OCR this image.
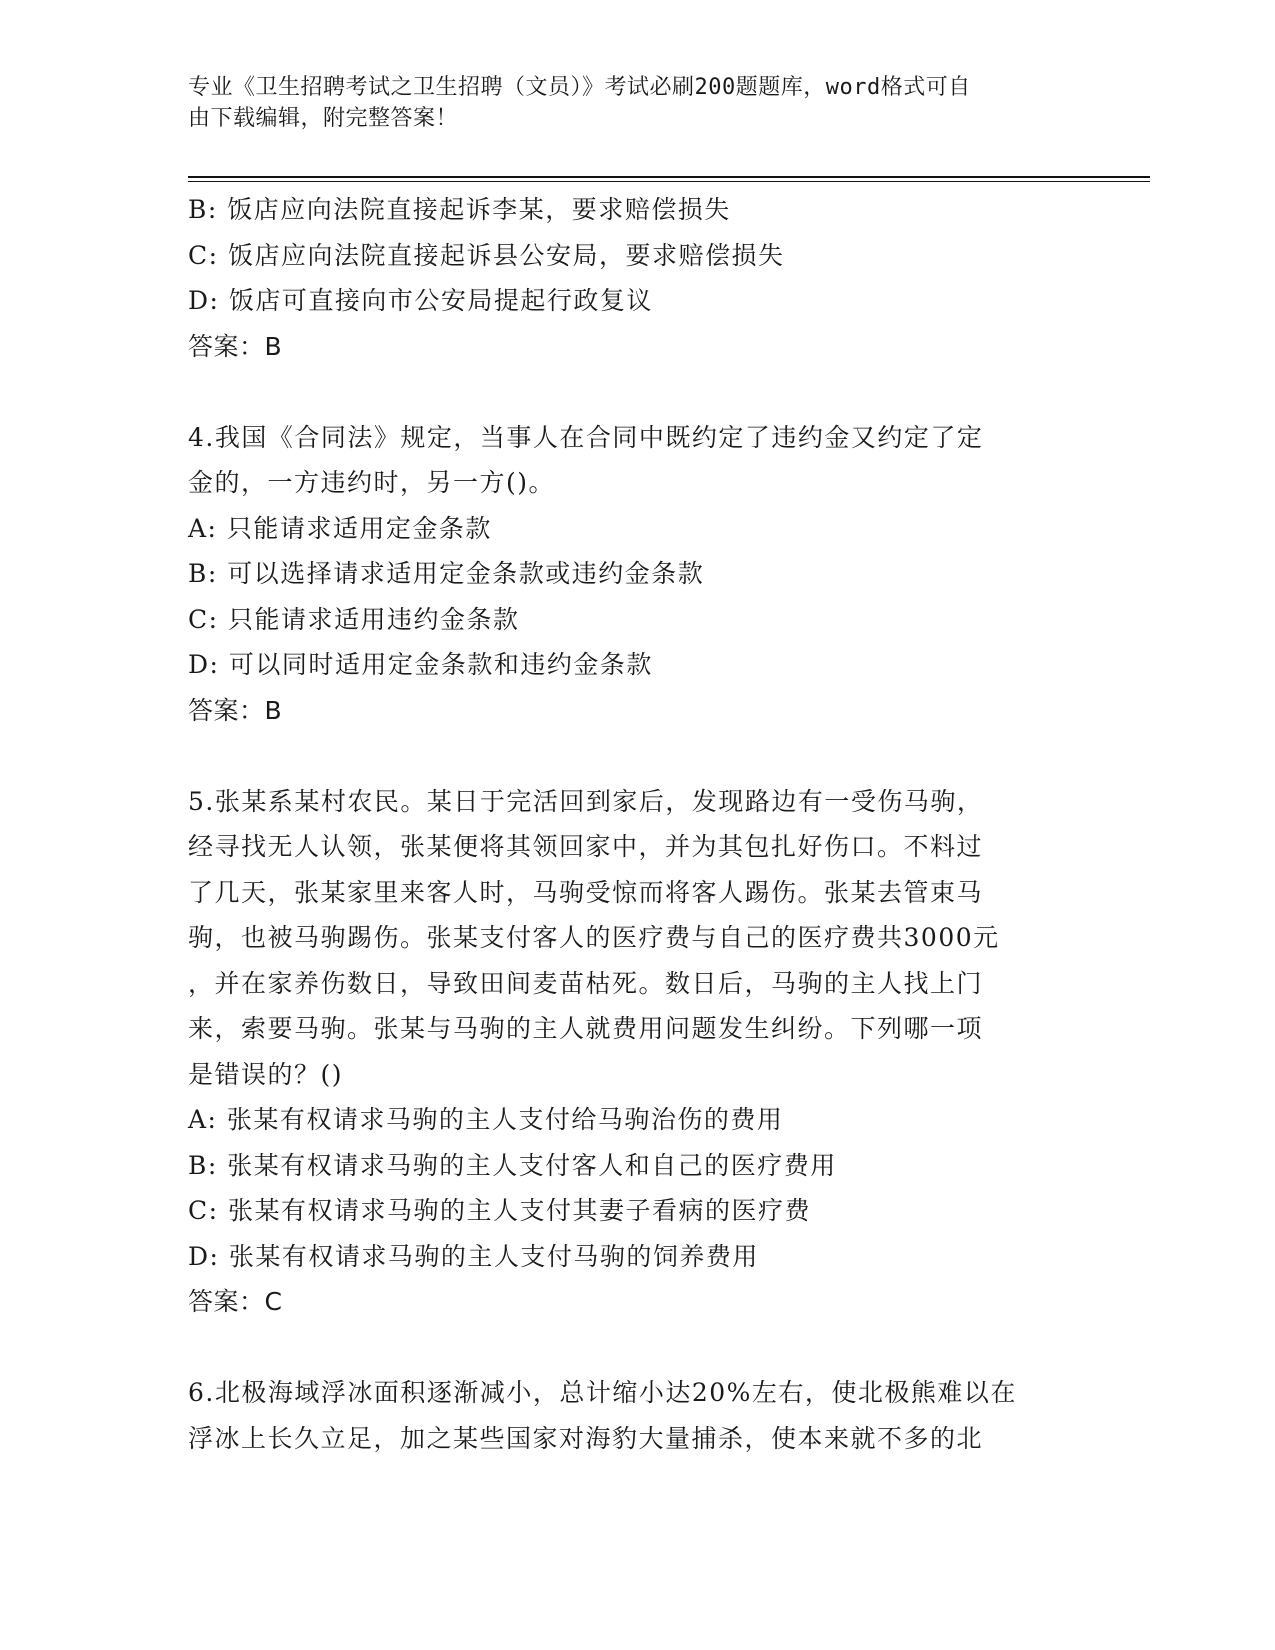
专业《卫生招聘考试之卫生招聘（文员）》考试必刷200题题库，word格式可自
由下载编辑，附完整答案！
B: 饭店应向法院直接起诉李某，要求赔偿损失
C: 饭店应向法院直接起诉县公安局，要求赔偿损失
D: 饭店可直接向市公安局提起行政复议
答案：B
4.我国《合同法》规定，当事人在合同中既约定了违约金又约定了定
金的，一方违约时，另一方()。
A: 只能请求适用定金条款
B: 可以选择请求适用定金条款或违约金条款
C: 只能请求适用违约金条款
D: 可以同时适用定金条款和违约金条款
答案：B
5.张某系某村农民。某日于完活回到家后，发现路边有一受伤马驹，
经寻找无人认领，张某便将其领回家中，并为其包扎好伤口。不料过
了几天，张某家里来客人时，马驹受惊而将客人踢伤。张某去管束马
驹，也被马驹踢伤。张某支付客人的医疗费与自己的医疗费共3000元
，并在家养伤数日，导致田间麦苗枯死。数日后，马驹的主人找上门
来，索要马驹。张某与马驹的主人就费用问题发生纠纷。下列哪一项
是错误的？()
A: 张某有权请求马驹的主人支付给马驹治伤的费用
B: 张某有权请求马驹的主人支付客人和自己的医疗费用
C: 张某有权请求马驹的主人支付其妻子看病的医疗费
D: 张某有权请求马驹的主人支付马驹的饲养费用
答案：C
6.北极海域浮冰面积逐渐减小，总计缩小达20%左右，使北极熊难以在
浮冰上长久立足，加之某些国家对海豹大量捕杀，使本来就不多的北
